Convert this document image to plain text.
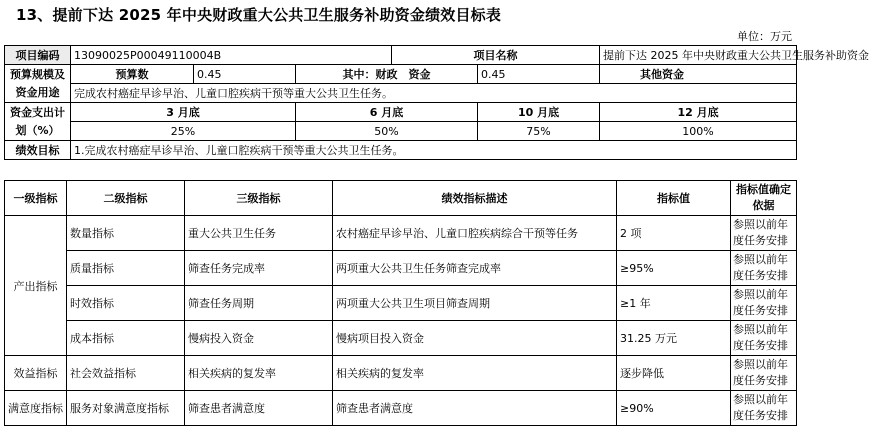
13、提前下达 2025 年中央财政重大公共卫生服务补助资金绩效目标表
单位：万元
项目编码	13090025P00049110004B			项目名称		提前下达 2025 年中央财政重大公共卫生服务补助资金
预算规模及资金用途	预算数	0.45	其中：财政　资金		0.45	其他资金
	完成农村癌症早诊早治、儿童口腔疾病干预等重大公共卫生任务。					
资金支出计划（%）	3 月底		6 月底		10 月底	12 月底
	25%		50%		75%	100%
绩效目标	1.完成农村癌症早诊早治、儿童口腔疾病干预等重大公共卫生任务。					
一级指标	二级指标	三级指标	绩效指标描述	指标值	指标值确定依据
产出指标	数量指标	重大公共卫生任务	农村癌症早诊早治、儿童口腔疾病综合干预等任务	2 项	参照以前年度任务安排
	质量指标	筛查任务完成率	两项重大公共卫生任务筛查完成率	≥95%	参照以前年度任务安排
	时效指标	筛查任务周期	两项重大公共卫生项目筛查周期	≥1 年	参照以前年度任务安排
	成本指标	慢病投入资金	慢病项目投入资金	31.25 万元	参照以前年度任务安排
效益指标	社会效益指标	相关疾病的复发率	相关疾病的复发率	逐步降低	参照以前年度任务安排
满意度指标	服务对象满意度指标	筛查患者满意度	筛查患者满意度	≥90%	参照以前年度任务安排
